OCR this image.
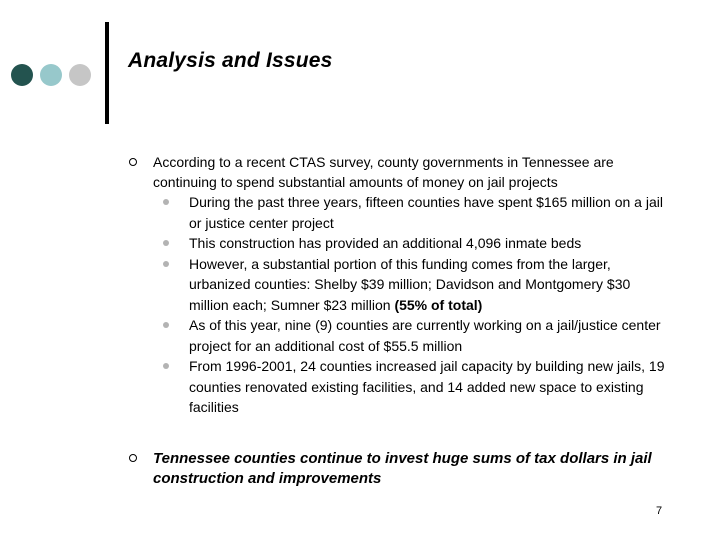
Analysis and Issues
According to a recent CTAS survey, county governments in Tennessee are continuing to spend substantial amounts of money on jail projects
During the past three years, fifteen counties have spent $165 million on a jail or justice center project
This construction has provided an additional 4,096 inmate beds
However, a substantial portion of this funding comes from the larger, urbanized counties: Shelby $39 million; Davidson and Montgomery $30 million each; Sumner $23 million (55% of total)
As of this year, nine (9) counties are currently working on a jail/justice center project for an additional cost of $55.5 million
From 1996-2001, 24 counties increased jail capacity by building new jails, 19 counties renovated existing facilities, and 14 added new space to existing facilities
Tennessee counties continue to invest huge sums of tax dollars in jail construction and improvements
7
